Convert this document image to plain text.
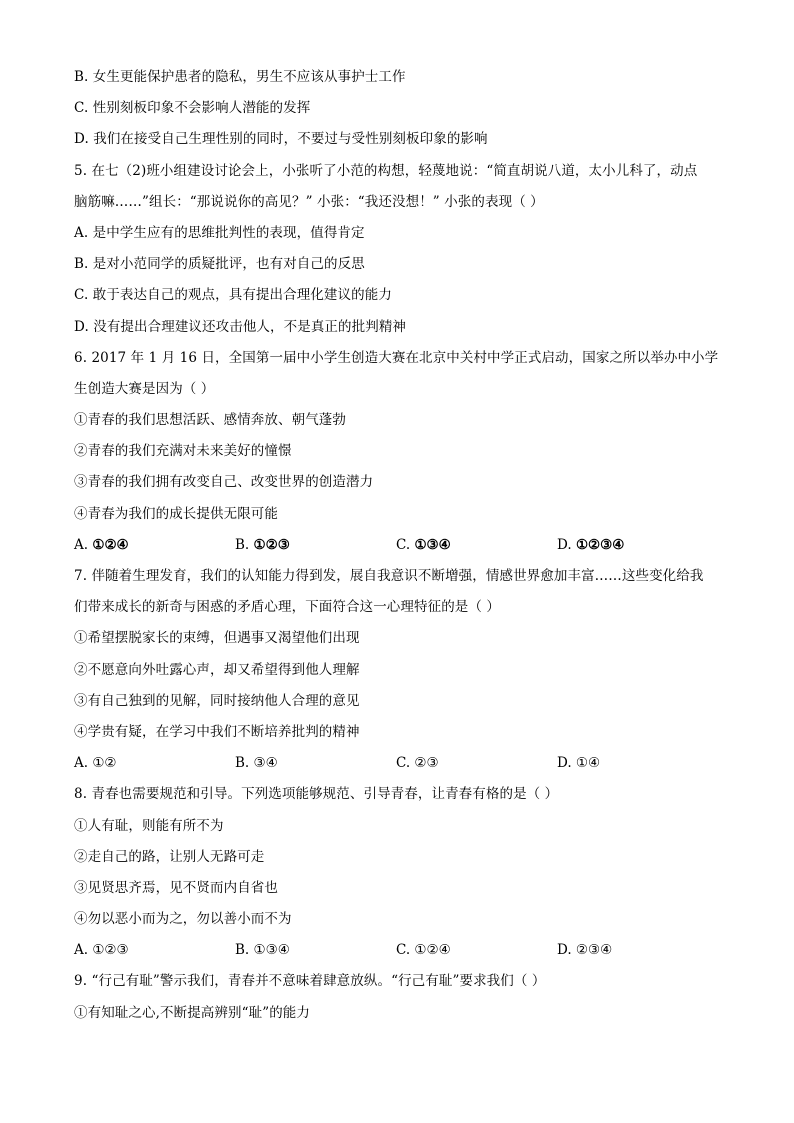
B. 女生更能保护患者的隐私，男生不应该从事护士工作
C. 性别刻板印象不会影响人潜能的发挥
D. 我们在接受自己生理性别的同时，不要过与受性别刻板印象的影响
5. 在七（2)班小组建设讨论会上，小张听了小范的构想，轻蔑地说：“简直胡说八道，太小儿科了，动点
脑筋嘛……”组长：“那说说你的高见？” 小张：“我还没想！” 小张的表现（ ）
A. 是中学生应有的思维批判性的表现，值得肯定
B. 是对小范同学的质疑批评，也有对自己的反思
C. 敢于表达自己的观点，具有提出合理化建议的能力
D. 没有提出合理建议还攻击他人，不是真正的批判精神
6. 2017 年 1 月 16 日，全国第一届中小学生创造大赛在北京中关村中学正式启动，国家之所以举办中小学
生创造大赛是因为（ ）
①青春的我们思想活跃、感情奔放、朝气蓬勃
②青春的我们充满对未来美好的憧憬
③青春的我们拥有改变自己、改变世界的创造潜力
④青春为我们的成长提供无限可能
A. ①②④	B. ①②③	C. ①③④	D. ①②③④
7. 伴随着生理发育，我们的认知能力得到发，展自我意识不断增强，情感世界愈加丰富……这些变化给我
们带来成长的新奇与困惑的矛盾心理，下面符合这一心理特征的是（ ）
①希望摆脱家长的束缚，但遇事又渴望他们出现
②不愿意向外吐露心声，却又希望得到他人理解
③有自己独到的见解，同时接纳他人合理的意见
④学贵有疑，在学习中我们不断培养批判的精神
A. ①②	B. ③④	C. ②③	D. ①④
8. 青春也需要规范和引导。下列选项能够规范、引导青春，让青春有格的是（ ）
①人有耻，则能有所不为
②走自己的路，让别人无路可走
③见贤思齐焉，见不贤而内自省也
④勿以恶小而为之，勿以善小而不为
A. ①②③	B. ①③④	C. ①②④	D. ②③④
9. “行己有耻”警示我们，青春并不意味着肆意放纵。“行己有耻”要求我们（ ）
①有知耻之心,不断提高辨别“耻”的能力
